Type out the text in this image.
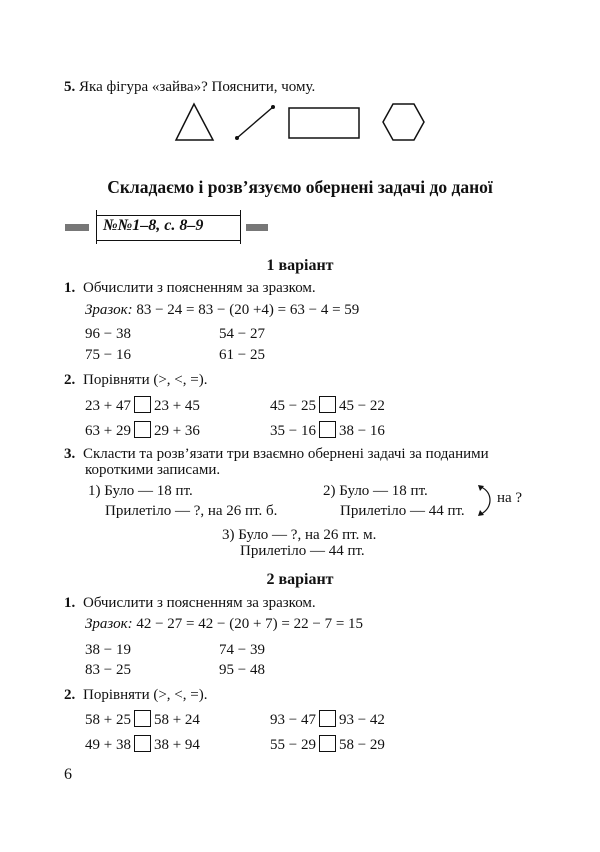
5. Яка фігура «зайва»? Пояснити, чому.
Складаємо і розв’язуємо обернені задачі до даної
№№1–8, с. 8–9
1 варіант
1. Обчислити з поясненням за зразком.
Зразок: 83 − 24 = 83 − (20 +4) = 63 − 4 = 59
96 − 38	54 − 27
75 − 16	61 − 25
2. Порівняти (>, <, =).
23 + 47 23 + 45	45 − 25 45 − 22
63 + 29 29 + 36	35 − 16 38 − 16
3. Скласти та розв’язати три взаємно обернені задачі за поданими
короткими записами.
1) Було — 18 пт.
Прилетіло — ?, на 26 пт. б.
2) Було — 18 пт.
Прилетіло — 44 пт.
на ?
3) Було — ?, на 26 пт. м.
Прилетіло — 44 пт.
2 варіант
1. Обчислити з поясненням за зразком.
Зразок: 42 − 27 = 42 − (20 + 7) = 22 − 7 = 15
38 − 19	74 − 39
83 − 25	95 − 48
2. Порівняти (>, <, =).
58 + 25 58 + 24	93 − 47 93 − 42
49 + 38 38 + 94	55 − 29 58 − 29
6
